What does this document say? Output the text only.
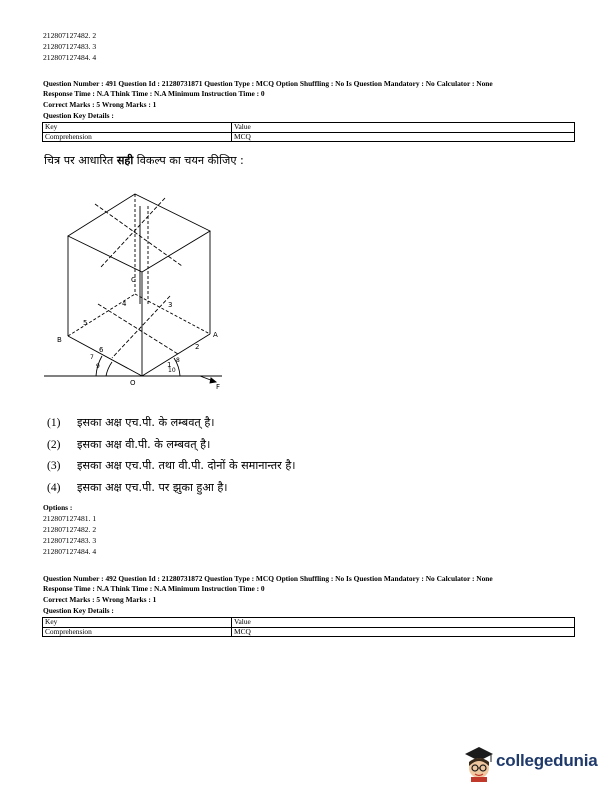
212807127482. 2
212807127483. 3
212807127484. 4
Question Number : 491 Question Id : 21280731871 Question Type : MCQ Option Shuffling : No Is Question Mandatory : No Calculator : None
Response Time : N.A Think Time : N.A Minimum Instruction Time : 0
Correct Marks : 5 Wrong Marks : 1
Question Key Details :
Key	Value
Comprehension	MCQ
चित्र पर आधारित सही विकल्प का चयन कीजिए :
C
B
A
O	F
4	3
5
2
1
6
7	8
9
10
(1) इसका अक्ष एच.पी. के लम्बवत् है।
(2) इसका अक्ष वी.पी. के लम्बवत् है।
(3) इसका अक्ष एच.पी. तथा वी.पी. दोनों के समानान्तर है।
(4) इसका अक्ष एच.पी. पर झुका हुआ है।
Options :
212807127481. 1
212807127482. 2
212807127483. 3
212807127484. 4
Question Number : 492 Question Id : 21280731872 Question Type : MCQ Option Shuffling : No Is Question Mandatory : No Calculator : None
Response Time : N.A Think Time : N.A Minimum Instruction Time : 0
Correct Marks : 5 Wrong Marks : 1
Question Key Details :
Key	Value
Comprehension	MCQ
collegedunia
